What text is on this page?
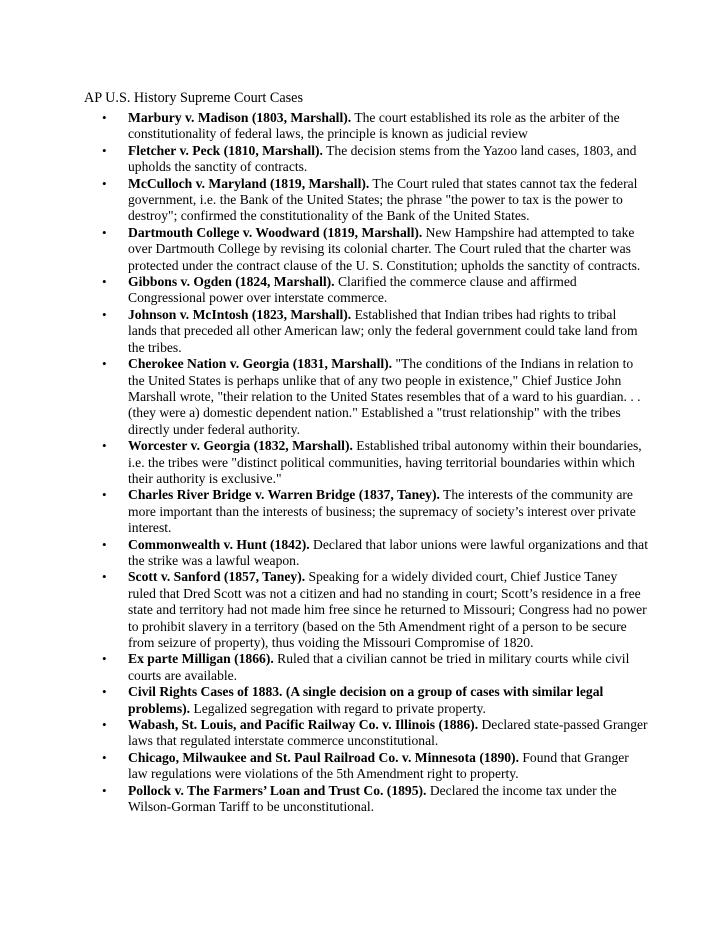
AP U.S. History Supreme Court Cases
•	Marbury v. Madison (1803, Marshall). The court established its role as the arbiter of the constitutionality of federal laws, the principle is known as judicial review
•	Fletcher v. Peck (1810, Marshall). The decision stems from the Yazoo land cases, 1803, and upholds the sanctity of contracts.
•	McCulloch v. Maryland (1819, Marshall). The Court ruled that states cannot tax the federal government, i.e. the Bank of the United States; the phrase "the power to tax is the power to destroy"; confirmed the constitutionality of the Bank of the United States.
•	Dartmouth College v. Woodward (1819, Marshall). New Hampshire had attempted to take over Dartmouth College by revising its colonial charter. The Court ruled that the charter was protected under the contract clause of the U. S. Constitution; upholds the sanctity of contracts.
•	Gibbons v. Ogden (1824, Marshall). Clarified the commerce clause and affirmed Congressional power over interstate commerce.
•	Johnson v. McIntosh (1823, Marshall). Established that Indian tribes had rights to tribal lands that preceded all other American law; only the federal government could take land from the tribes.
•	Cherokee Nation v. Georgia (1831, Marshall). "The conditions of the Indians in relation to the United States is perhaps unlike that of any two people in existence," Chief Justice John Marshall wrote, "their relation to the United States resembles that of a ward to his guardian. . .(they were a) domestic dependent nation." Established a "trust relationship" with the tribes directly under federal authority.
•	Worcester v. Georgia (1832, Marshall). Established tribal autonomy within their boundaries, i.e. the tribes were "distinct political communities, having territorial boundaries within which their authority is exclusive."
•	Charles River Bridge v. Warren Bridge (1837, Taney). The interests of the community are more important than the interests of business; the supremacy of society’s interest over private interest.
•	Commonwealth v. Hunt (1842). Declared that labor unions were lawful organizations and that the strike was a lawful weapon.
•	Scott v. Sanford (1857, Taney). Speaking for a widely divided court, Chief Justice Taney ruled that Dred Scott was not a citizen and had no standing in court; Scott’s residence in a free state and territory had not made him free since he returned to Missouri; Congress had no power to prohibit slavery in a territory (based on the 5th Amendment right of a person to be secure from seizure of property), thus voiding the Missouri Compromise of 1820.
•	Ex parte Milligan (1866). Ruled that a civilian cannot be tried in military courts while civil courts are available.
•	Civil Rights Cases of 1883. (A single decision on a group of cases with similar legal problems). Legalized segregation with regard to private property.
•	Wabash, St. Louis, and Pacific Railway Co. v. Illinois (1886). Declared state-passed Granger laws that regulated interstate commerce unconstitutional.
•	Chicago, Milwaukee and St. Paul Railroad Co. v. Minnesota (1890). Found that Granger law regulations were violations of the 5th Amendment right to property.
•	Pollock v. The Farmers’ Loan and Trust Co. (1895). Declared the income tax under the Wilson-Gorman Tariff to be unconstitutional.
